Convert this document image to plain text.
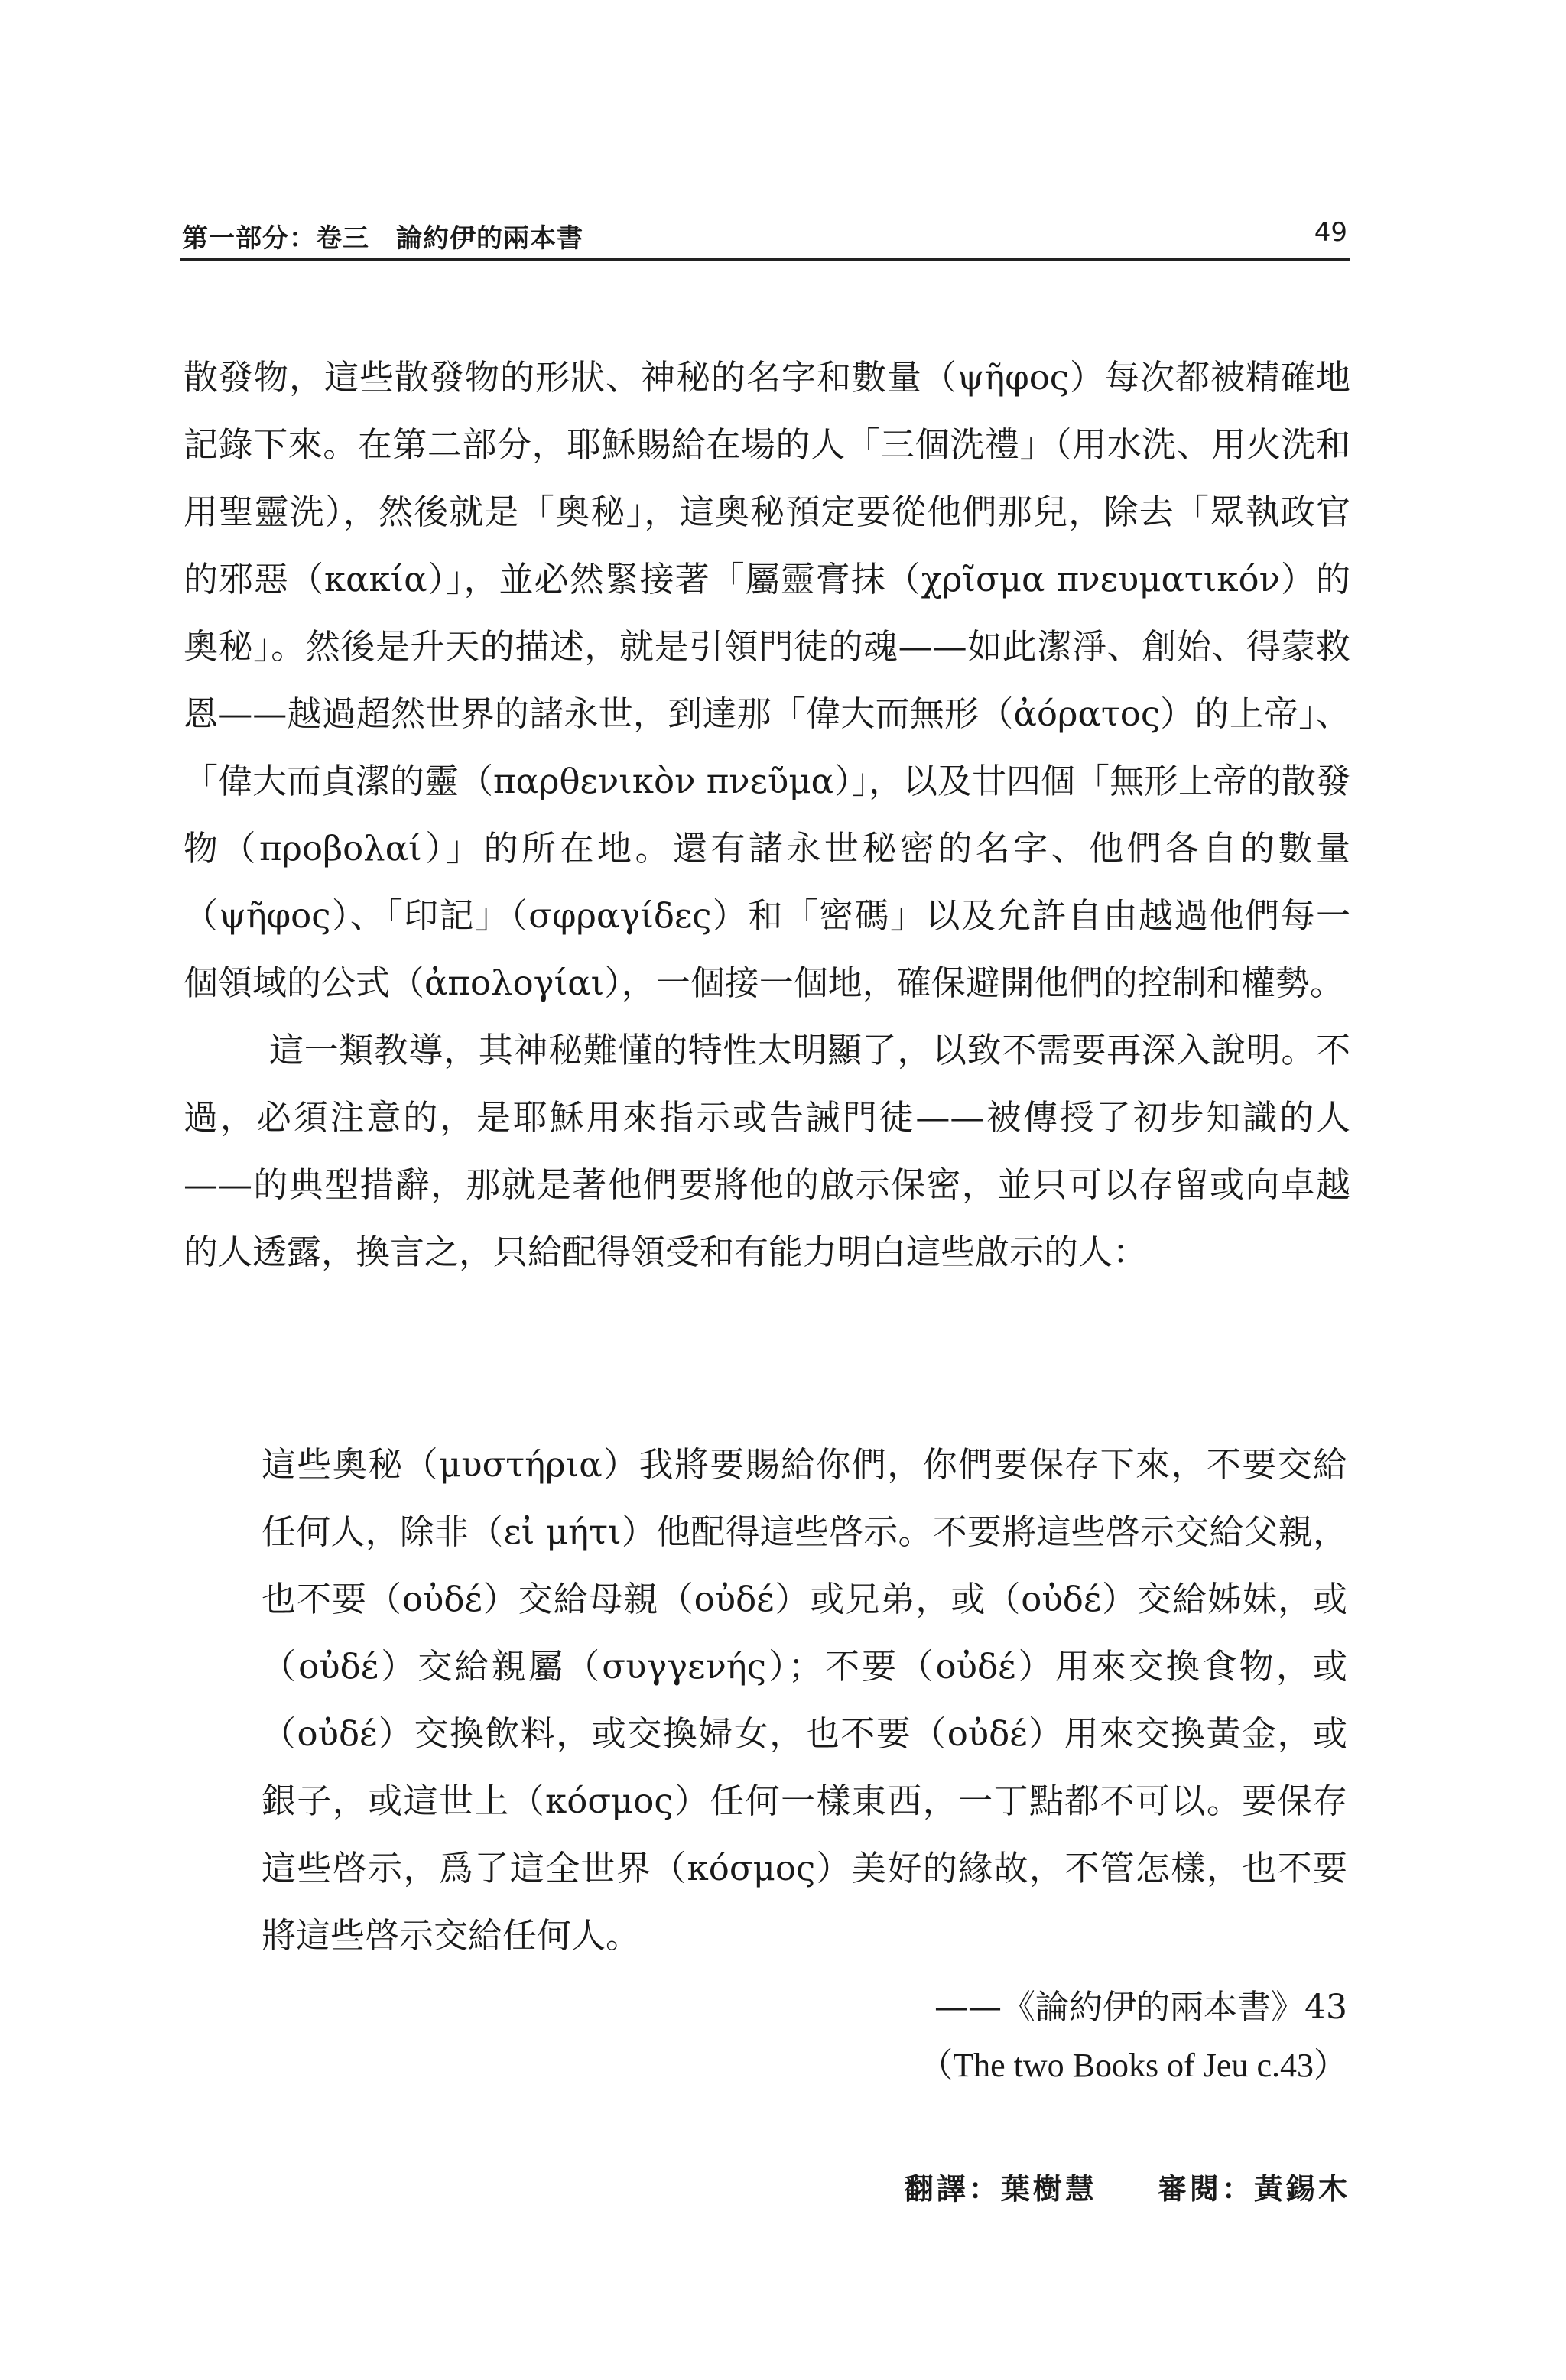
第一部分：卷三　論約伊的兩本書	49

散發物，這些散發物的形狀、神秘的名字和數量（ψῆφος）每次都被精確地記錄下來。在第二部分，耶穌賜給在場的人「三個洗禮」（用水洗、用火洗和用聖靈洗），然後就是「奧秘」，這奧秘預定要從他們那兒，除去「眾執政官的邪惡（κακία）」，並必然緊接著「屬靈膏抹（χρῖσμα πνευματικόν）的奧秘」。然後是升天的描述，就是引領門徒的魂——如此潔淨、創始、得蒙救恩——越過超然世界的諸永世，到達那「偉大而無形（ἀόρατος）的上帝」、「偉大而貞潔的靈（παρθενικὸν πνεῦμα）」，以及廿四個「無形上帝的散發物（προβολαί）」的所在地。還有諸永世秘密的名字、他們各自的數量（ψῆφος）、「印記」（σφραγίδες）和「密碼」以及允許自由越過他們每一個領域的公式（ἀπολογίαι），一個接一個地，確保避開他們的控制和權勢。

這一類教導，其神秘難懂的特性太明顯了，以致不需要再深入說明。不過，必須注意的，是耶穌用來指示或告誡門徒——被傳授了初步知識的人——的典型措辭，那就是著他們要將他的啟示保密，並只可以存留或向卓越的人透露，換言之，只給配得領受和有能力明白這些啟示的人：

這些奧秘（μυστήρια）我將要賜給你們，你們要保存下來，不要交給任何人，除非（εἰ μήτι）他配得這些啓示。不要將這些啓示交給父親，也不要（οὐδέ）交給母親（οὐδέ）或兄弟，或（οὐδέ）交給姊妹，或（οὐδέ）交給親屬（συγγενής）；不要（οὐδέ）用來交換食物，或（οὐδέ）交換飲料，或交換婦女，也不要（οὐδέ）用來交換黃金，或銀子，或這世上（κόσμος）任何一樣東西，一丁點都不可以。要保存這些啓示，爲了這全世界（κόσμος）美好的緣故，不管怎樣，也不要將這些啓示交給任何人。
——《論約伊的兩本書》43
（The two Books of Jeu c.43）
翻譯：葉樹慧 審閱：黃錫木
